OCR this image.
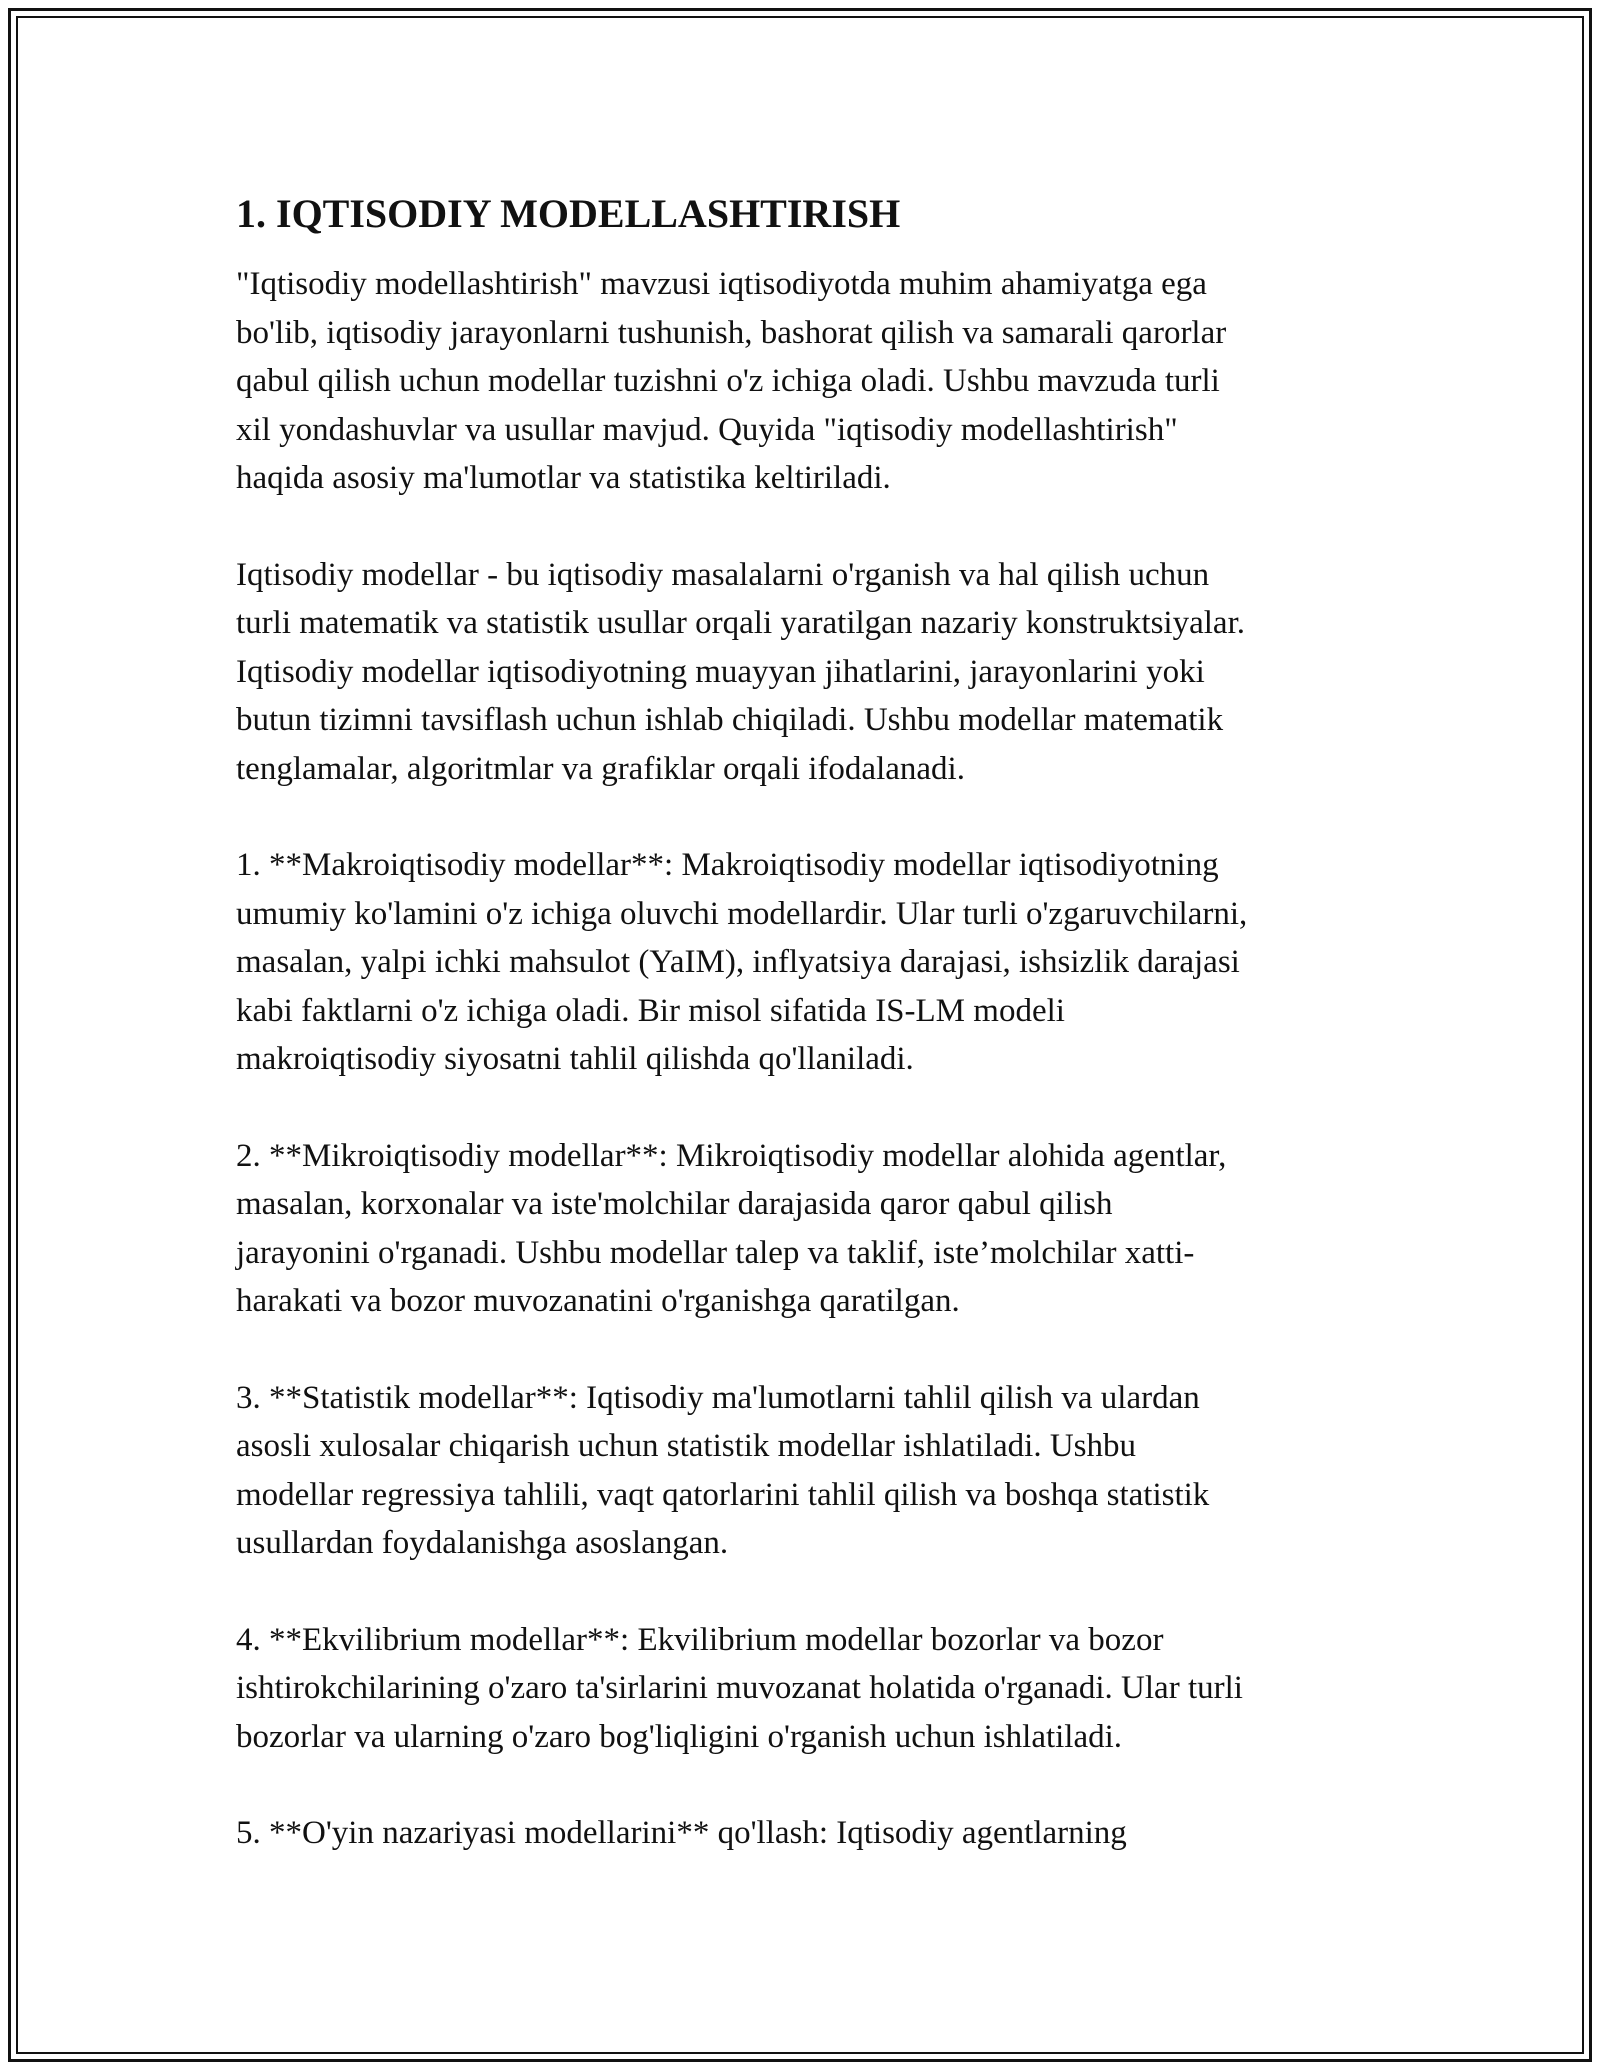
1. IQTISODIY MODELLASHTIRISH
"Iqtisodiy modellashtirish" mavzusi iqtisodiyotda muhim ahamiyatga ega
bo'lib, iqtisodiy jarayonlarni tushunish, bashorat qilish va samarali qarorlar
qabul qilish uchun modellar tuzishni o'z ichiga oladi. Ushbu mavzuda turli
xil yondashuvlar va usullar mavjud. Quyida "iqtisodiy modellashtirish"
haqida asosiy ma'lumotlar va statistika keltiriladi.
Iqtisodiy modellar - bu iqtisodiy masalalarni o'rganish va hal qilish uchun
turli matematik va statistik usullar orqali yaratilgan nazariy konstruktsiyalar.
Iqtisodiy modellar iqtisodiyotning muayyan jihatlarini, jarayonlarini yoki
butun tizimni tavsiflash uchun ishlab chiqiladi. Ushbu modellar matematik
tenglamalar, algoritmlar va grafiklar orqali ifodalanadi.
1. **Makroiqtisodiy modellar**: Makroiqtisodiy modellar iqtisodiyotning
umumiy ko'lamini o'z ichiga oluvchi modellardir. Ular turli o'zgaruvchilarni,
masalan, yalpi ichki mahsulot (YaIM), inflyatsiya darajasi, ishsizlik darajasi
kabi faktlarni o'z ichiga oladi. Bir misol sifatida IS-LM modeli
makroiqtisodiy siyosatni tahlil qilishda qo'llaniladi.
2. **Mikroiqtisodiy modellar**: Mikroiqtisodiy modellar alohida agentlar,
masalan, korxonalar va iste'molchilar darajasida qaror qabul qilish
jarayonini o'rganadi. Ushbu modellar talep va taklif, iste’molchilar xatti-
harakati va bozor muvozanatini o'rganishga qaratilgan.
3. **Statistik modellar**: Iqtisodiy ma'lumotlarni tahlil qilish va ulardan
asosli xulosalar chiqarish uchun statistik modellar ishlatiladi. Ushbu
modellar regressiya tahlili, vaqt qatorlarini tahlil qilish va boshqa statistik
usullardan foydalanishga asoslangan.
4. **Ekvilibrium modellar**: Ekvilibrium modellar bozorlar va bozor
ishtirokchilarining o'zaro ta'sirlarini muvozanat holatida o'rganadi. Ular turli
bozorlar va ularning o'zaro bog'liqligini o'rganish uchun ishlatiladi.
5. **O'yin nazariyasi modellarini** qo'llash: Iqtisodiy agentlarning
